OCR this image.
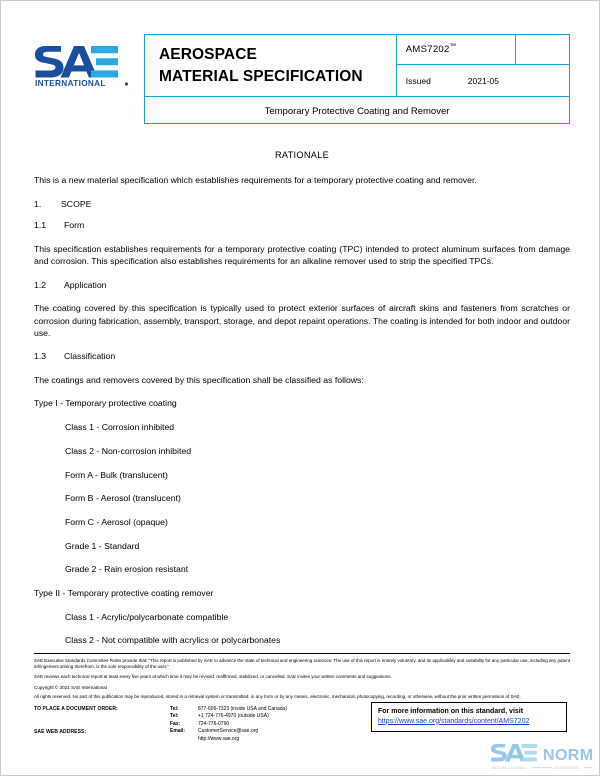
INTERNATIONAL
AEROSPACE
MATERIAL SPECIFICATION

AMS7202™

Issued	2021-05

Temporary Protective Coating and Remover
RATIONALE
This is a new material specification which establishes requirements for a temporary protective coating and remover.
1.	SCOPE
1.1	Form
This specification establishes requirements for a temporary protective coating (TPC) intended to protect aluminum surfaces from damage and corrosion. This specification also establishes requirements for an alkaline remover used to strip the specified TPCs.
1.2	Application
The coating covered by this specification is typically used to protect exterior surfaces of aircraft skins and fasteners from scratches or corrosion during fabrication, assembly, transport, storage, and depot repaint operations. The coating is intended for both indoor and outdoor use.
1.3	Classification
The coatings and removers covered by this specification shall be classified as follows:
Type I - Temporary protective coating
Class 1 - Corrosion inhibited
Class 2 - Non-corrosion inhibited
Form A - Bulk (translucent)
Form B - Aerosol (translucent)
Form C - Aerosol (opaque)
Grade 1 - Standard
Grade 2 - Rain erosion resistant
Type II - Temporary protective coating remover
Class 1 - Acrylic/polycarbonate compatible
Class 2 - Not compatible with acrylics or polycarbonates
SAE Executive Standards Committee Rules provide that: “This report is published by SAE to advance the state of technical and engineering sciences. The use of this report is entirely voluntary, and its applicability and suitability for any particular use, including any patent infringement arising therefrom, is the sole responsibility of the user.”
SAE reviews each technical report at least every five years at which time it may be revised, reaffirmed, stabilized, or cancelled. SAE invites your written comments and suggestions.
Copyright © 2021 SAE International
All rights reserved. No part of this publication may be reproduced, stored in a retrieval system or transmitted, in any form or by any means, electronic, mechanical, photocopying, recording, or otherwise, without the prior written permission of SAE.
TO PLACE A DOCUMENT ORDER:
SAE WEB ADDRESS:
Tel:	877-606-7323 (inside USA and Canada)
Tel:	+1 724-776-4970 (outside USA)
Fax:	724-776-0790
Email:	CustomerService@sae.org
http://www.sae.org
For more information on this standard, visit
https://www.sae.org/standards/content/AMS7202
NORM
INTERNATIONAL	STANDARDS
